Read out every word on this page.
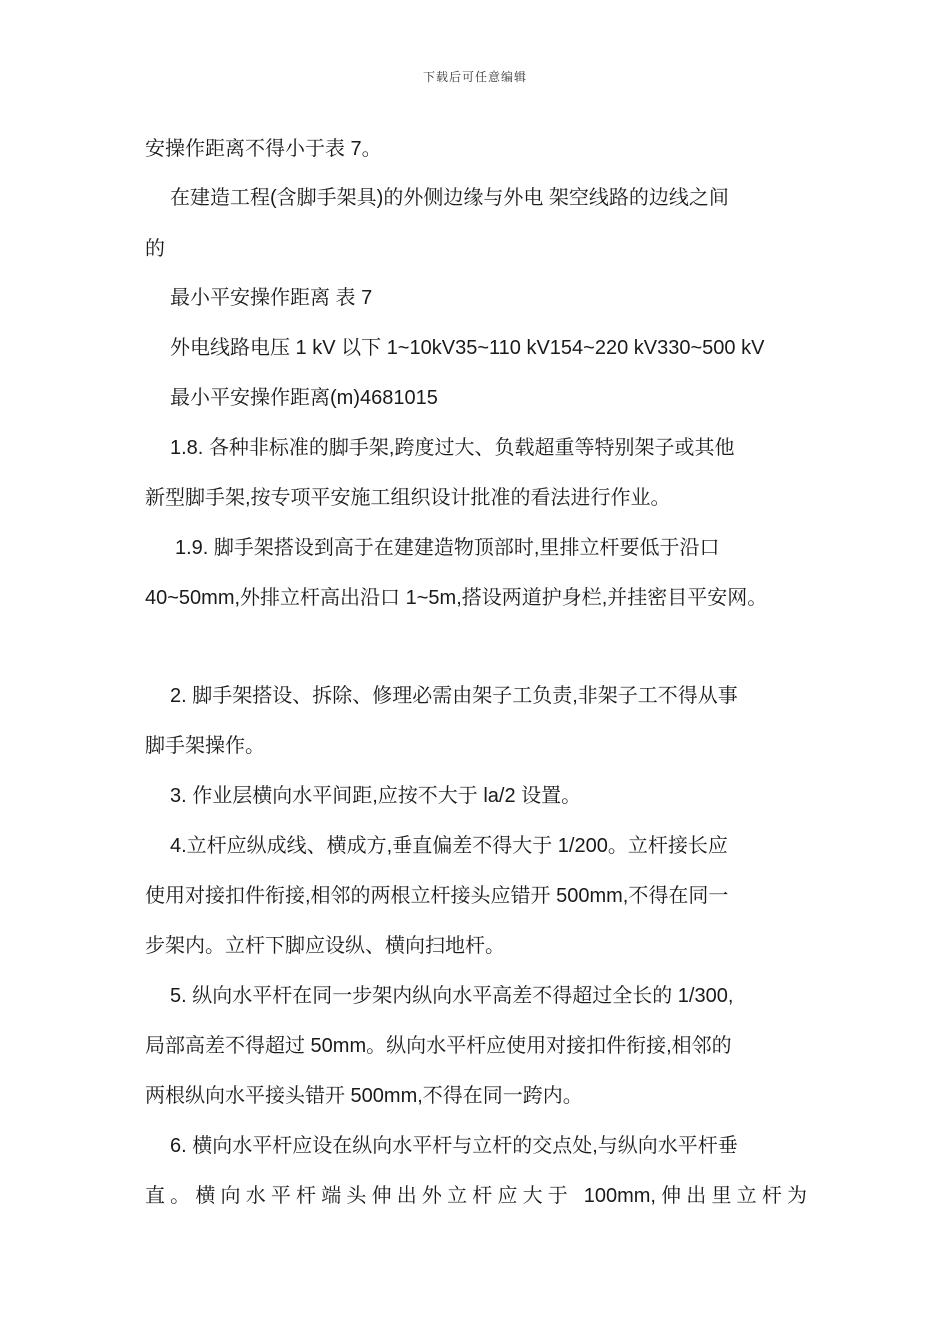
下载后可任意编辑
安操作距离不得小于表 7。
在建造工程(含脚手架具)的外侧边缘与外电 架空线路的边线之间
的
最小平安操作距离 表 7
外电线路电压 1 kV 以下 1~10kV35~110 kV154~220 kV330~500 kV
最小平安操作距离(m)4681015
1.8. 各种非标准的脚手架,跨度过大、负载超重等特别架子或其他
新型脚手架,按专项平安施工组织设计批准的看法进行作业。
1.9. 脚手架搭设到高于在建建造物顶部时,里排立杆要低于沿口
40~50mm,外排立杆高出沿口 1~5m,搭设两道护身栏,并挂密目平安网。
2. 脚手架搭设、拆除、修理必需由架子工负责,非架子工不得从事
脚手架操作。
3. 作业层横向水平间距,应按不大于 la/2 设置。
4.立杆应纵成线、横成方,垂直偏差不得大于 1/200。立杆接长应
使用对接扣件衔接,相邻的两根立杆接头应错开 500mm,不得在同一
步架内。立杆下脚应设纵、横向扫地杆。
5. 纵向水平杆在同一步架内纵向水平高差不得超过全长的 1/300,
局部高差不得超过 50mm。纵向水平杆应使用对接扣件衔接,相邻的
两根纵向水平接头错开 500mm,不得在同一跨内。
6. 横向水平杆应设在纵向水平杆与立杆的交点处,与纵向水平杆垂
直。横向水平杆端头伸出外立杆应大于 100mm,伸出里立杆为
